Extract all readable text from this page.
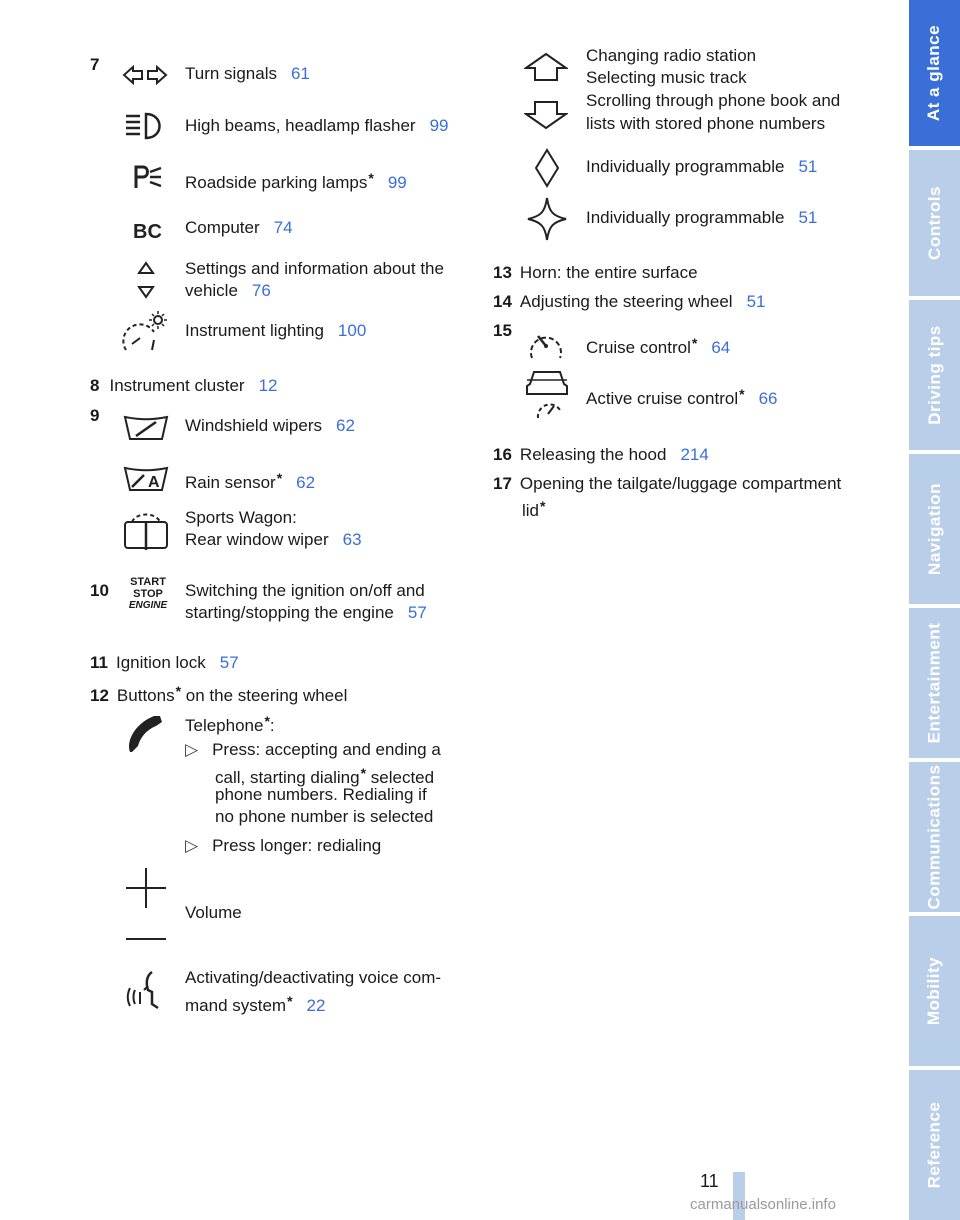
7	Turn signals 61
High beams, headlamp flasher 99
Roadside parking lamps* 99
BC Computer 74
Settings and information about the
vehicle 76
Instrument lighting 100
8 Instrument cluster 12
9
Windshield wipers 62
A Rain sensor* 62
Sports Wagon:
Rear window wiper 63
10	START
STOP
ENGINE
Switching the ignition on/off and
starting/stopping the engine 57
11 Ignition lock 57
12 Buttons* on the steering wheel
Telephone*:
▷ Press: accepting and ending a
call, starting dialing* selected
phone numbers. Redialing if
no phone number is selected
▷ Press longer: redialing
Volume
Activating/deactivating voice com-
mand system* 22
Changing radio station
Selecting music track
Scrolling through phone book and
lists with stored phone numbers
Individually programmable 51
Individually programmable 51
13 Horn: the entire surface
14 Adjusting the steering wheel 51
15
Cruise control* 64
Active cruise control* 66
16 Releasing the hood 214
17 Opening the tailgate/luggage compartment
lid*
At a glance
Controls
Driving tips
Navigation
Entertainment
Communications
Mobility
Reference
11
carmanualsonline.info
